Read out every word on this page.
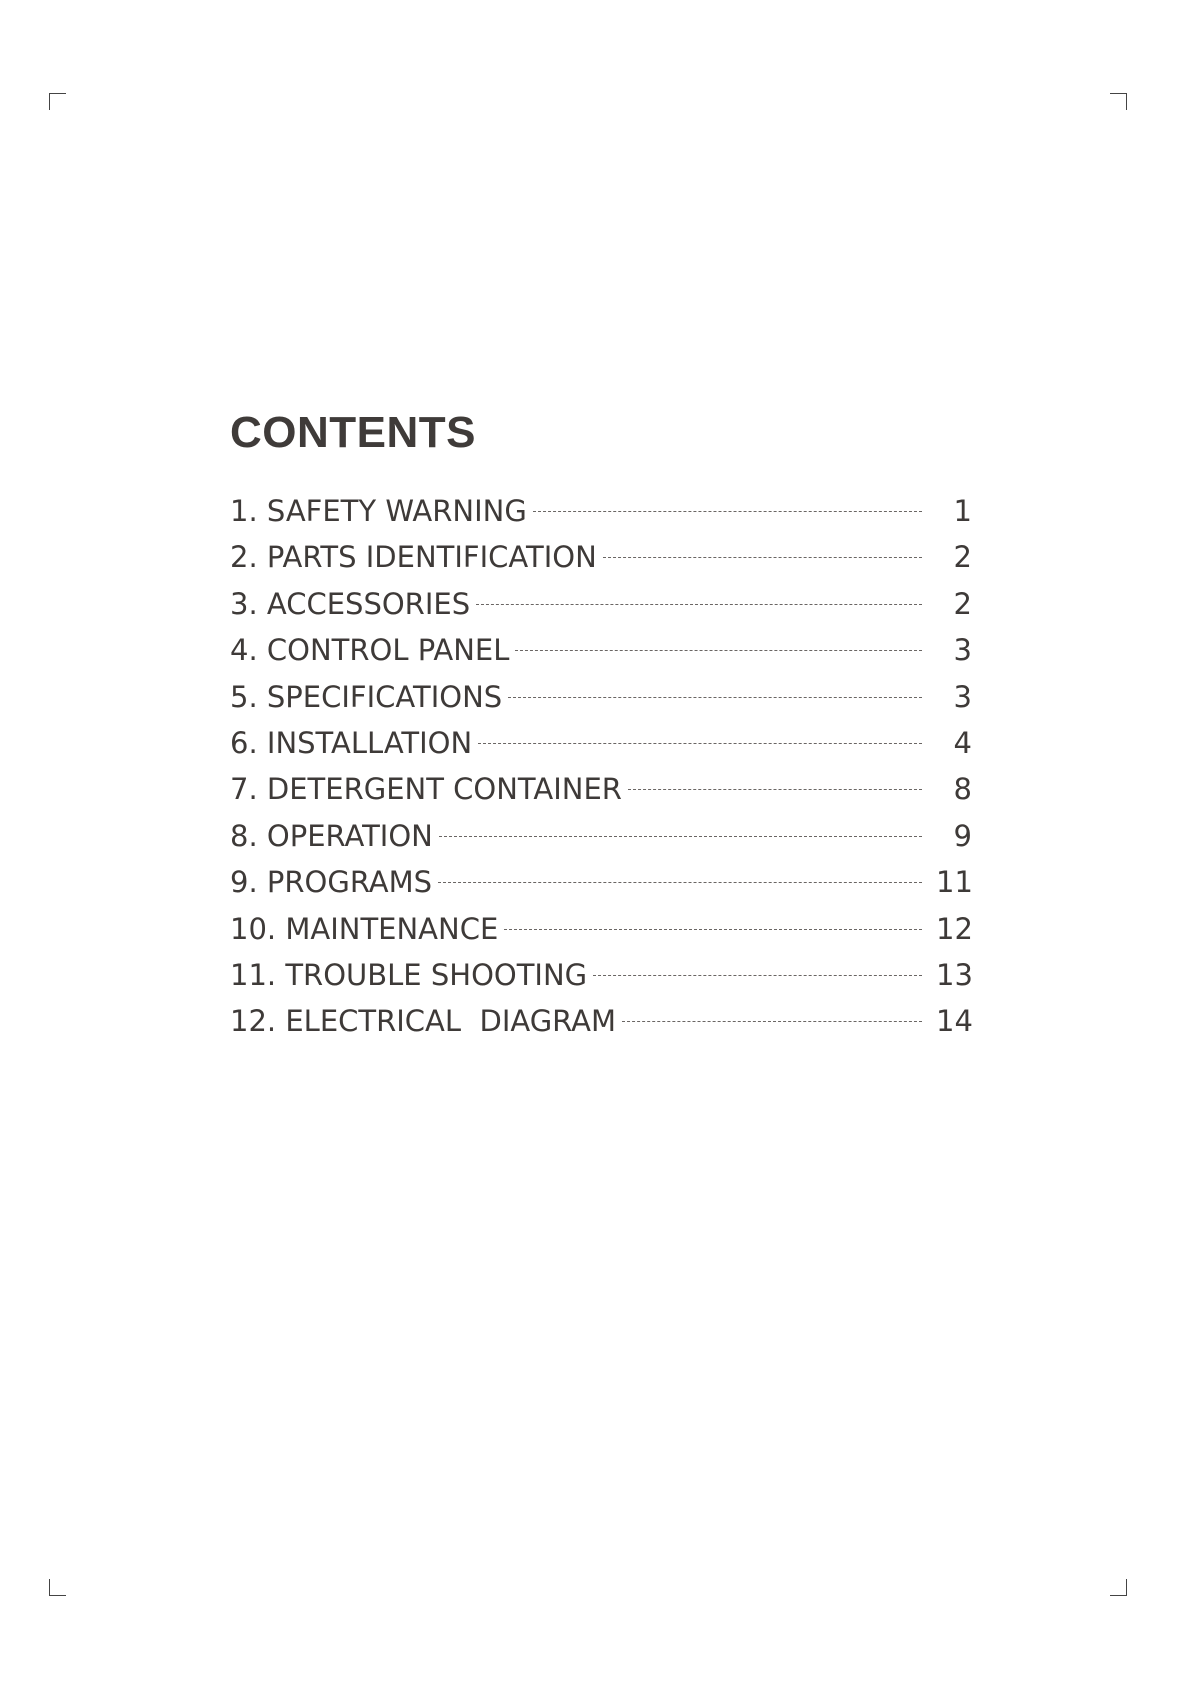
CONTENTS
1. SAFETY WARNING	1
2. PARTS IDENTIFICATION	2
3. ACCESSORIES	2
4. CONTROL PANEL	3
5. SPECIFICATIONS	3
6. INSTALLATION	4
7. DETERGENT CONTAINER	8
8. OPERATION	9
9. PROGRAMS	11
10. MAINTENANCE	12
11. TROUBLE SHOOTING	13
12. ELECTRICAL  DIAGRAM	14
